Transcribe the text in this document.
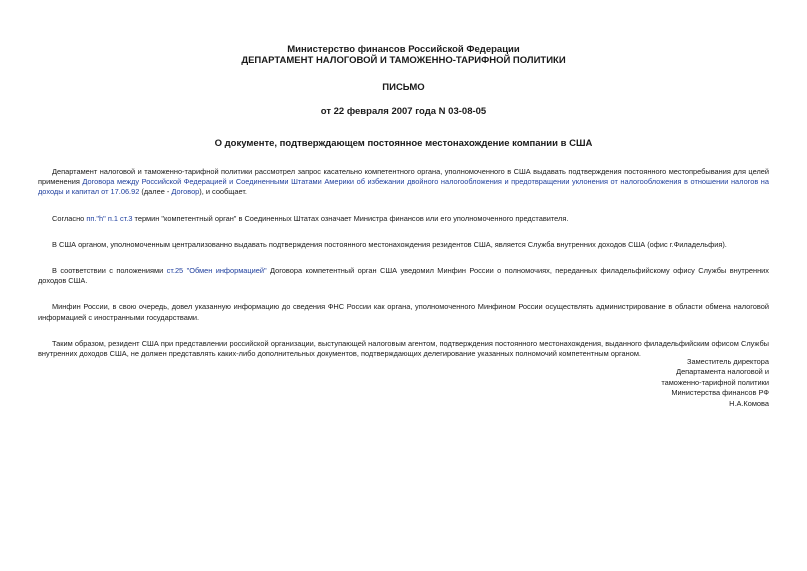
Министерство финансов Российской Федерации
ДЕПАРТАМЕНТ НАЛОГОВОЙ И ТАМОЖЕННО-ТАРИФНОЙ ПОЛИТИКИ
ПИСЬМО
от 22 февраля 2007 года N 03-08-05
О документе, подтверждающем постоянное местонахождение компании в США

Департамент налоговой и таможенно-тарифной политики рассмотрел запрос касательно компетентного органа, уполномоченного в США выдавать подтверждения постоянного местопребывания для целей применения Договора между Российской Федерацией и Соединенными Штатами Америки об избежании двойного налогообложения и предотвращении уклонения от налогообложения в отношении налогов на доходы и капитал от 17.06.92 (далее - Договор), и сообщает.

Согласно пп."h" п.1 ст.3 термин "компетентный орган" в Соединенных Штатах означает Министра финансов или его уполномоченного представителя.

В США органом, уполномоченным централизованно выдавать подтверждения постоянного местонахождения резидентов США, является Служба внутренних доходов США (офис г.Филадельфия).

В соответствии с положениями ст.25 "Обмен информацией" Договора компетентный орган США уведомил Минфин России о полномочиях, переданных филадельфийскому офису Службы внутренних доходов США.

Минфин России, в свою очередь, довел указанную информацию до сведения ФНС России как органа, уполномоченного Минфином России осуществлять администрирование в области обмена налоговой информацией с иностранными государствами.

Таким образом, резидент США при представлении российской организации, выступающей налоговым агентом, подтверждения постоянного местонахождения, выданного филадельфийским офисом Службы внутренних доходов США, не должен представлять каких-либо дополнительных документов, подтверждающих делегирование указанных полномочий компетентным органом.

Заместитель директора
Департамента налоговой и
таможенно-тарифной политики
Министерства финансов РФ
Н.А.Комова
